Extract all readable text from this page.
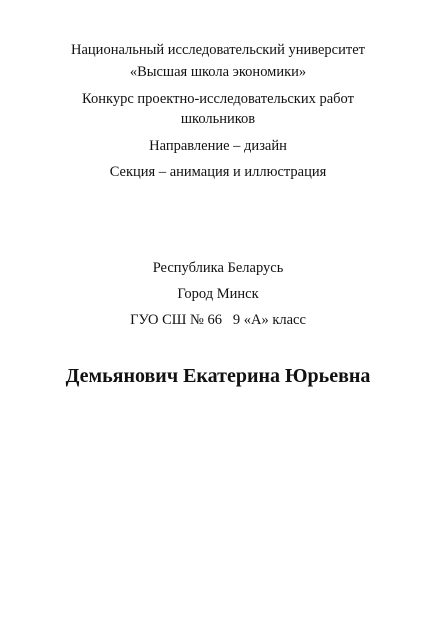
Национальный исследовательский университет
«Высшая школа экономики»
Конкурс проектно-исследовательских работ
школьников
Направление – дизайн
Секция – анимация и иллюстрация
Республика Беларусь
Город Минск
ГУО СШ № 66   9 «А» класс
Демьянович Екатерина Юрьевна
